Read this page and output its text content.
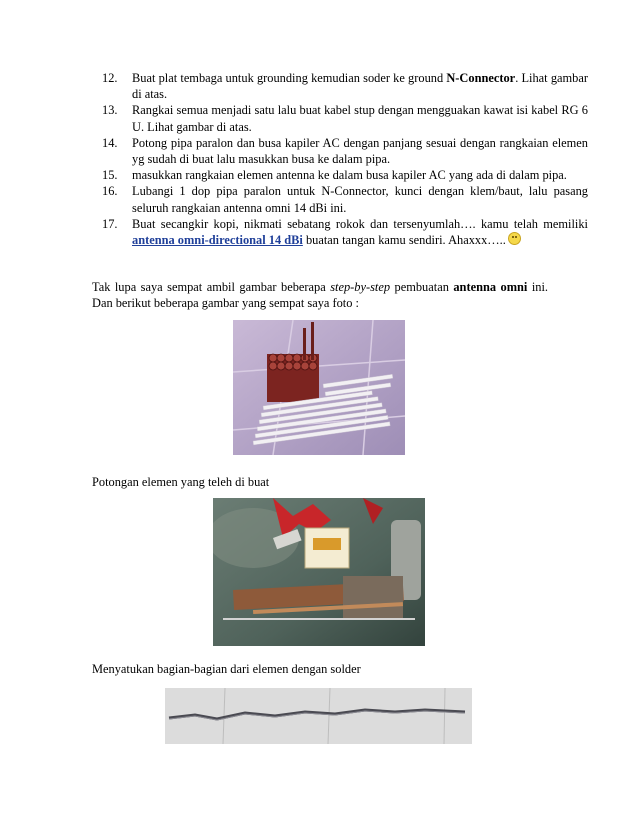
12.	Buat plat tembaga untuk grounding kemudian soder ke ground N-Connector. Lihat gambar di atas.
13.	Rangkai semua menjadi satu lalu buat kabel stup dengan mengguakan kawat isi kabel RG 6 U. Lihat gambar di atas.
14.	Potong pipa paralon dan busa kapiler AC dengan panjang sesuai dengan rangkaian elemen yg sudah di buat lalu masukkan busa ke dalam pipa.
15.	masukkan rangkaian elemen antenna ke dalam busa kapiler AC yang ada di dalam pipa.
16.	Lubangi 1 dop pipa paralon untuk N-Connector, kunci dengan klem/baut, lalu pasang seluruh rangkaian antenna omni 14 dBi ini.
17.	Buat secangkir kopi, nikmati sebatang rokok dan tersenyumlah…. kamu telah memiliki antenna omni-directional 14 dBi buatan tangan kamu sendiri. Ahaxxx…..

Tak lupa saya sempat ambil gambar beberapa step-by-step pembuatan antenna omni ini. Dan berikut beberapa gambar yang sempat saya foto :

Potongan elemen yang teleh di buat

Menyatukan bagian-bagian dari elemen dengan solder
